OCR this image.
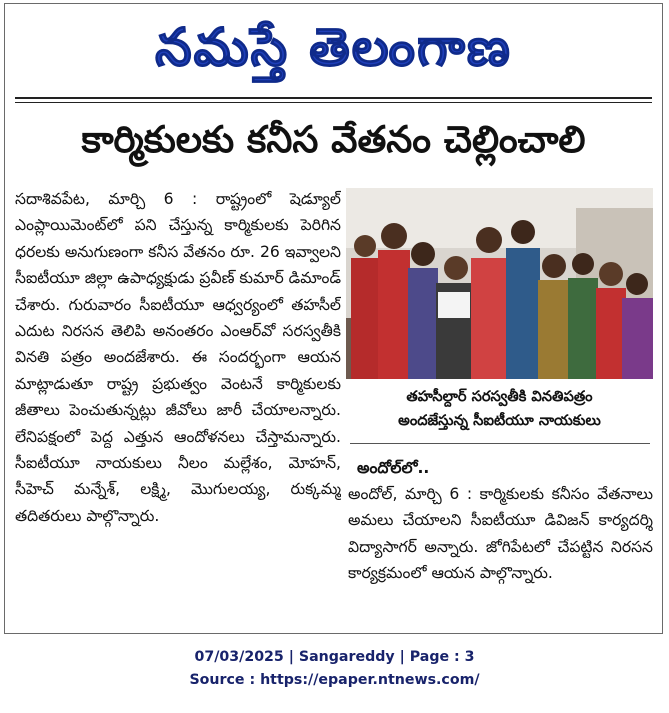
నమస్తే తెలంగాణ
కార్మికులకు కనీస వేతనం చెల్లించాలి

సదాశివపేట, మార్చి 6 : రాష్ట్రంలో షెడ్యూల్ ఎంప్లాయిమెంట్‌లో పని చేస్తున్న కార్మికులకు పెరిగిన ధరలకు అనుగుణంగా కనీస వేతనం రూ. 26 ఇవ్వాలని సీఐటీయూ జిల్లా ఉపాధ్యక్షుడు ప్రవీణ్ కుమార్ డిమాండ్ చేశారు. గురువారం సీఐటీయూ ఆధ్వర్యంలో తహసీల్ ఎదుట నిరసన తెలిపి అనంతరం ఎంఆర్‌వో సరస్వతీకి వినతి పత్రం అందజేశారు. ఈ సందర్భంగా ఆయన మాట్లాడుతూ రాష్ట్ర ప్రభుత్వం వెంటనే కార్మికులకు జీతాలు పెంచుతున్నట్లు జీవోలు జారీ చేయాలన్నారు. లేనిపక్షంలో పెద్ద ఎత్తున ఆందోళనలు చేస్తామన్నారు. సీఐటీయూ నాయకులు నీలం మల్లేశం, మోహన్, సీహెచ్ మన్నేశ్, లక్ష్మి, మొగులయ్య, రుక్కమ్మ తదితరులు పాల్గొన్నారు.

తహసీల్దార్ సరస్వతీకి వినతిపత్రం
అందజేస్తున్న సీఐటీయూ నాయకులు
అందోల్‌లో..

అందోల్, మార్చి 6 : కార్మికులకు కనీసం వేతనాలు అమలు చేయాలని సీఐటీయూ డివిజన్ కార్యదర్శి విద్యాసాగర్ అన్నారు. జోగిపేటలో చేపట్టిన నిరసన కార్యక్రమంలో ఆయన పాల్గొన్నారు.

07/03/2025 | Sangareddy | Page : 3
Source : https://epaper.ntnews.com/
